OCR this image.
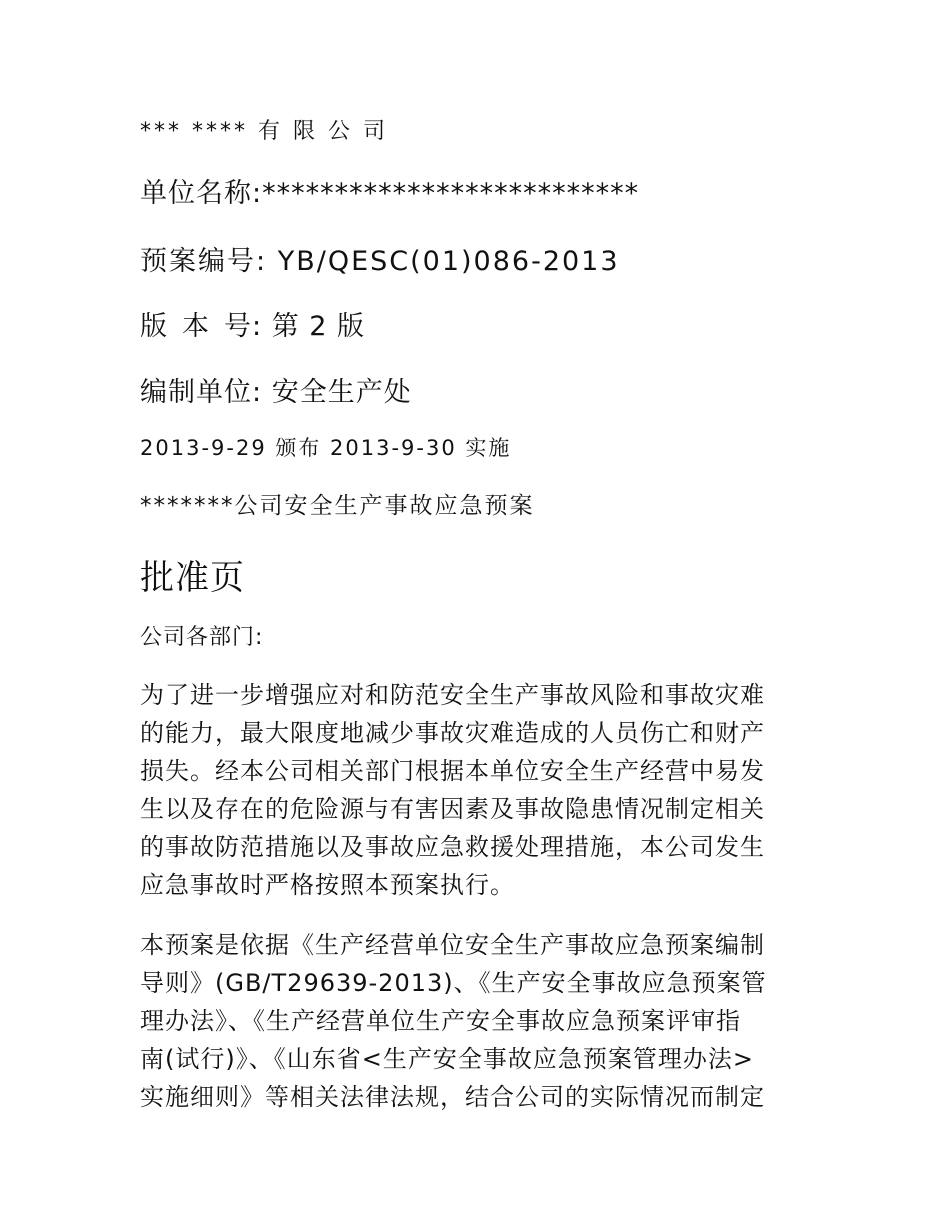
*** **** 有 限 公 司
单位名称:**************************
预案编号: YB/QESC(01)086-2013
版 本 号: 第 2 版
编制单位: 安全生产处
2013-9-29 颁布 2013-9-30 实施
*******公司安全生产事故应急预案
批准页
公司各部门:
为了进一步增强应对和防范安全生产事故风险和事故灾难
的能力，最大限度地减少事故灾难造成的人员伤亡和财产
损失。经本公司相关部门根据本单位安全生产经营中易发
生以及存在的危险源与有害因素及事故隐患情况制定相关
的事故防范措施以及事故应急救援处理措施，本公司发生
应急事故时严格按照本预案执行。
本预案是依据《生产经营单位安全生产事故应急预案编制
导则》(GB/T29639-2013)、《生产安全事故应急预案管
理办法》、《生产经营单位生产安全事故应急预案评审指
南(试行)》、《山东省<生产安全事故应急预案管理办法>
实施细则》等相关法律法规，结合公司的实际情况而制定
